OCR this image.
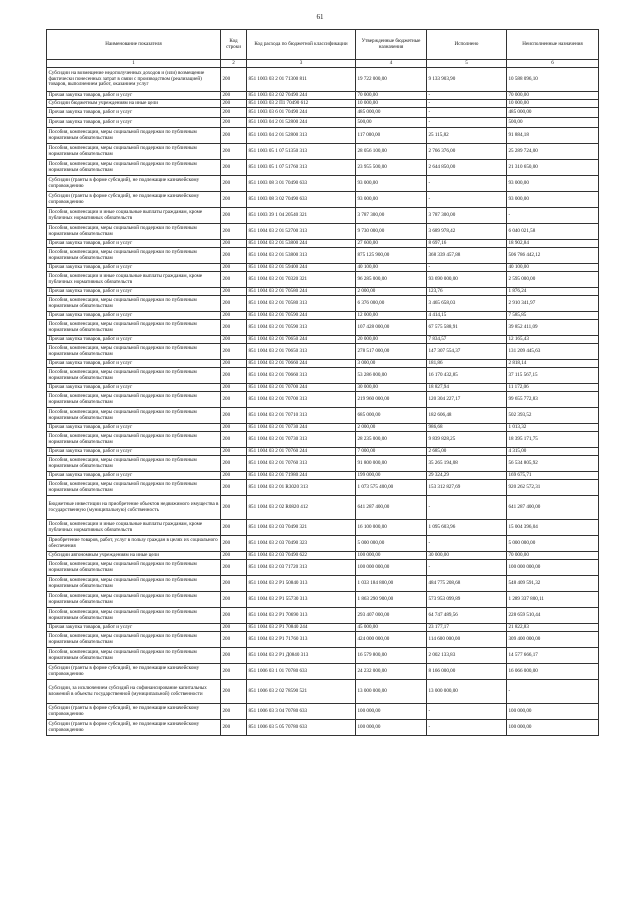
61
Наименование показателя	Код строки	Код расхода по бюджетной классификации	Утвержденные бюджетные назначения	Исполнено	Неисполненные назначения
1	2	3	4	5	6
Субсидии на возмещение недополученных доходов и (или) возмещение фактически понесенных затрат в связи с производством (реализацией) товаров, выполнением работ, оказанием услуг	200	851 1003 03 2 01 71300 811	19 722 000,00	9 133 903,90	10 588 096,10
Прочая закупка товаров, работ и услуг	200	851 1003 03 2 02 70490 244	70 000,00	-	70 000,00
Субсидии бюджетным учреждениям на иные цели	200	851 1003 03 2 П1 70490 612	10 000,00	-	10 000,00
Прочая закупка товаров, работ и услуг	200	851 1003 03 6 01 70490 244	485 000,00	-	485 000,00
Прочая закупка товаров, работ и услуг	200	851 1003 04 2 01 52800 244	500,00	-	500,00
Пособия, компенсации, меры социальной поддержки по публичным нормативным обязательствам	200	851 1003 04 2 01 52800 313	117 000,00	25 115,82	91 884,18
Пособия, компенсации, меры социальной поддержки по публичным нормативным обязательствам	200	851 1003 05 1 07 51350 313	28 056 100,00	2 766 376,00	25 289 724,00
Пособия, компенсации, меры социальной поддержки по публичным нормативным обязательствам	200	851 1003 05 1 07 51760 313	23 955 500,00	2 644 850,00	21 310 650,00
Субсидии (гранты в форме субсидий), не подлежащие казначейскому сопровождению	200	851 1003 08 3 01 70490 633	93 000,00	-	93 000,00
Субсидии (гранты в форме субсидий), не подлежащие казначейскому сопровождению	200	851 1003 08 3 02 70490 633	93 000,00	-	93 000,00
Пособия, компенсации и иные социальные выплаты гражданам, кроме публичных нормативных обязательств	200	851 1003 39 1 04 20540 321	3 787 300,00	3 787 300,00	-
Пособия, компенсации, меры социальной поддержки по публичным нормативным обязательствам	200	851 1004 03 2 01 52700 313	9 730 000,00	3 689 978,42	6 040 021,58
Прочая закупка товаров, работ и услуг	200	851 1004 03 2 01 53800 244	27 600,00	8 697,16	18 902,84
Пособия, компенсации, меры социальной поддержки по публичным нормативным обязательствам	200	851 1004 03 2 01 53800 313	875 125 900,00	368 339 457,88	506 786 442,12
Прочая закупка товаров, работ и услуг	200	851 1004 03 2 01 59400 244	40 100,00	-	40 100,00
Пособия, компенсации и иные социальные выплаты гражданам, кроме публичных нормативных обязательств	200	851 1004 03 2 01 70320 321	96 285 000,00	93 690 000,00	2 595 000,00
Прочая закупка товаров, работ и услуг	200	851 1004 03 2 01 70580 244	2 000,00	123,76	1 876,24
Пособия, компенсации, меры социальной поддержки по публичным нормативным обязательствам	200	851 1004 03 2 01 70580 313	6 376 000,00	3 465 658,03	2 910 341,97
Прочая закупка товаров, работ и услуг	200	851 1004 03 2 01 70590 244	12 000,00	4 414,15	7 585,85
Пособия, компенсации, меры социальной поддержки по публичным нормативным обязательствам	200	851 1004 03 2 01 70590 313	107 428 000,00	67 575 588,91	39 852 411,09
Прочая закупка товаров, работ и услуг	200	851 1004 03 2 01 70650 244	20 000,00	7 834,57	12 165,43
Пособия, компенсации, меры социальной поддержки по публичным нормативным обязательствам	200	851 1004 03 2 01 70650 313	278 517 000,00	147 307 554,37	131 209 445,63
Прочая закупка товаров, работ и услуг	200	851 1004 03 2 01 70660 244	3 000,00	181,86	2 818,14
Пособия, компенсации, меры социальной поддержки по публичным нормативным обязательствам	200	851 1004 03 2 01 70660 313	53 286 000,00	16 170 432,85	37 115 567,15
Прочая закупка товаров, работ и услуг	200	851 1004 03 2 01 70700 244	30 000,00	18 827,94	11 172,06
Пособия, компенсации, меры социальной поддержки по публичным нормативным обязательствам	200	851 1004 03 2 01 70700 313	219 960 000,00	120 304 227,17	99 655 772,83
Пособия, компенсации, меры социальной поддержки по публичным нормативным обязательствам	200	851 1004 03 2 01 70710 313	685 000,00	182 606,48	502 393,52
Прочая закупка товаров, работ и услуг	200	851 1004 03 2 01 70730 244	2 000,00	986,68	1 013,32
Пособия, компенсации, меры социальной поддержки по публичным нормативным обязательствам	200	851 1004 03 2 01 70730 313	28 235 000,00	9 839 828,25	18 395 171,75
Прочая закупка товаров, работ и услуг	200	851 1004 03 2 01 70760 244	7 000,00	2 685,00	4 315,00
Пособия, компенсации, меры социальной поддержки по публичным нормативным обязательствам	200	851 1004 03 2 01 70760 313	91 800 000,00	35 265 194,08	56 534 805,92
Прочая закупка товаров, работ и услуг	200	851 1004 03 2 01 71980 244	199 000,00	29 324,29	169 675,71
Пособия, компенсации, меры социальной поддержки по публичным нормативным обязательствам	200	851 1004 03 2 01 R3020 313	1 073 575 400,00	153 312 827,69	920 262 572,31
Бюджетные инвестиции на приобретение объектов недвижимого имущества в государственную (муниципальную) собственность	200	851 1004 03 2 02 R0820 412	641 287 400,00	-	641 287 400,00
Пособия, компенсации и иные социальные выплаты гражданам, кроме публичных нормативных обязательств	200	851 1004 03 2 03 70490 321	16 100 000,00	1 095 603,96	15 004 396,04
Приобретение товаров, работ, услуг в пользу граждан в целях их социального обеспечения	200	851 1004 03 2 03 70490 323	5 000 000,00	-	5 000 000,00
Субсидии автономным учреждениям на иные цели	200	851 1004 03 2 03 70490 622	100 000,00	30 000,00	70 000,00
Пособия, компенсации, меры социальной поддержки по публичным нормативным обязательствам	200	851 1004 03 2 03 71720 313	100 000 000,00	-	100 000 000,00
Пособия, компенсации, меры социальной поддержки по публичным нормативным обязательствам	200	851 1004 03 2 P1 50840 313	1 033 184 800,00	484 775 208,68	548 409 591,32
Пособия, компенсации, меры социальной поддержки по публичным нормативным обязательствам	200	851 1004 03 2 P1 55730 313	1 863 290 900,00	573 953 099,89	1 289 337 800,11
Пособия, компенсации, меры социальной поддержки по публичным нормативным обязательствам	200	851 1004 03 2 P1 70690 313	293 407 000,00	64 747 489,56	228 659 510,44
Прочая закупка товаров, работ и услуг	200	851 1004 03 2 P1 70840 244	45 000,00	23 177,17	21 822,83
Пособия, компенсации, меры социальной поддержки по публичным нормативным обязательствам	200	851 1004 03 2 P1 71760 313	424 000 000,00	114 600 000,00	309 400 000,00
Пособия, компенсации, меры социальной поддержки по публичным нормативным обязательствам	200	851 1004 03 2 P1 Д0840 313	16 579 800,00	2 002 133,83	14 577 666,17
Субсидии (гранты в форме субсидий), не подлежащие казначейскому сопровождению	200	851 1006 03 1 01 70780 633	24 232 000,00	8 166 000,00	16 066 000,00
Субсидии, за исключением субсидий на софинансирование капитальных вложений в объекты государственной (муниципальной) собственности	200	851 1006 03 2 02 78590 521	13 000 000,00	13 000 000,00	-
Субсидии (гранты в форме субсидий), не подлежащие казначейскому сопровождению	200	851 1006 03 3 04 70780 633	100 000,00	-	100 000,00
Субсидии (гранты в форме субсидий), не подлежащие казначейскому сопровождению	200	851 1006 03 5 05 70780 633	100 000,00	-	100 000,00
